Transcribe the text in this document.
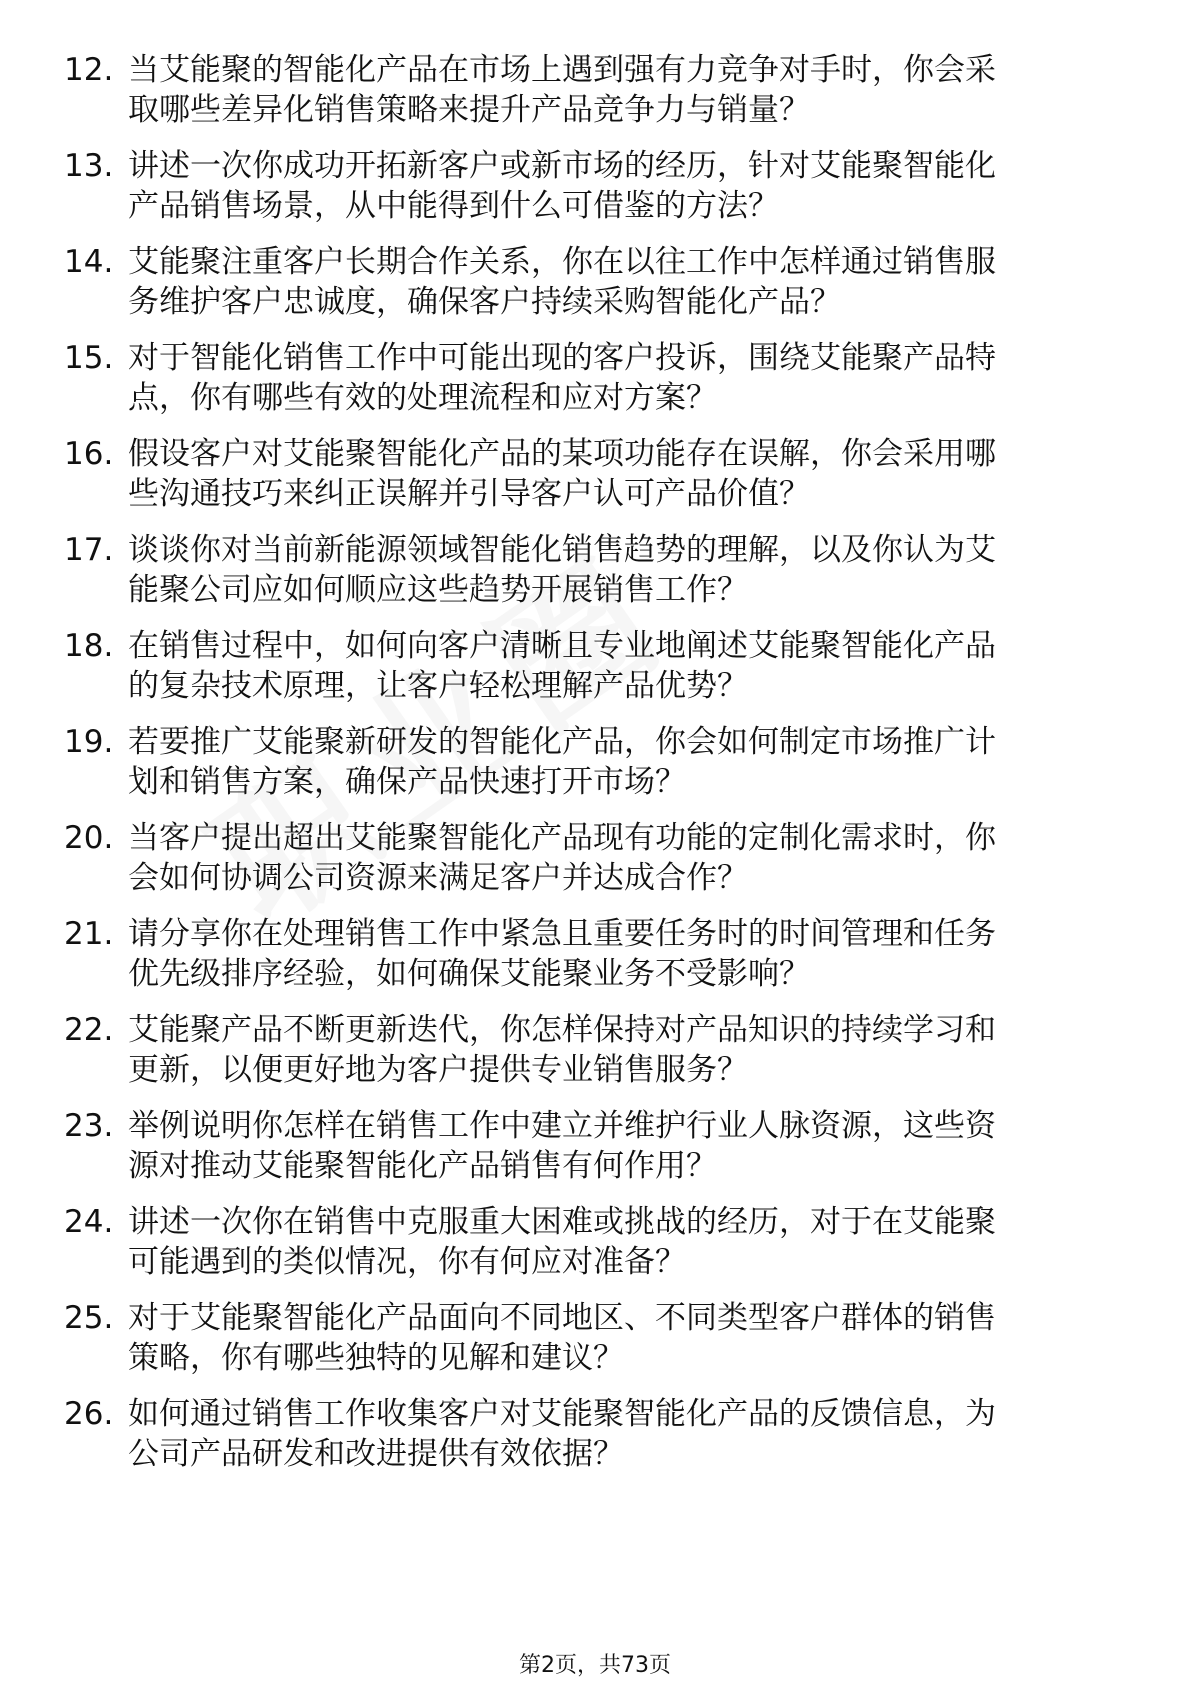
12. 当艾能聚的智能化产品在市场上遇到强有力竞争对手时，你会采
取哪些差异化销售策略来提升产品竞争力与销量？
13. 讲述一次你成功开拓新客户或新市场的经历，针对艾能聚智能化
产品销售场景，从中能得到什么可借鉴的方法？
14. 艾能聚注重客户长期合作关系，你在以往工作中怎样通过销售服
务维护客户忠诚度，确保客户持续采购智能化产品？
15. 对于智能化销售工作中可能出现的客户投诉，围绕艾能聚产品特
点，你有哪些有效的处理流程和应对方案？
16. 假设客户对艾能聚智能化产品的某项功能存在误解，你会采用哪
些沟通技巧来纠正误解并引导客户认可产品价值？
17. 谈谈你对当前新能源领域智能化销售趋势的理解，以及你认为艾
能聚公司应如何顺应这些趋势开展销售工作？
18. 在销售过程中，如何向客户清晰且专业地阐述艾能聚智能化产品
的复杂技术原理，让客户轻松理解产品优势？
19. 若要推广艾能聚新研发的智能化产品，你会如何制定市场推广计
划和销售方案，确保产品快速打开市场？
20. 当客户提出超出艾能聚智能化产品现有功能的定制化需求时，你
会如何协调公司资源来满足客户并达成合作？
21. 请分享你在处理销售工作中紧急且重要任务时的时间管理和任务
优先级排序经验，如何确保艾能聚业务不受影响？
22. 艾能聚产品不断更新迭代，你怎样保持对产品知识的持续学习和
更新，以便更好地为客户提供专业销售服务？
23. 举例说明你怎样在销售工作中建立并维护行业人脉资源，这些资
源对推动艾能聚智能化产品销售有何作用？
24. 讲述一次你在销售中克服重大困难或挑战的经历，对于在艾能聚
可能遇到的类似情况，你有何应对准备？
25. 对于艾能聚智能化产品面向不同地区、不同类型客户群体的销售
策略，你有哪些独特的见解和建议？
26. 如何通过销售工作收集客户对艾能聚智能化产品的反馈信息，为
公司产品研发和改进提供有效依据？
第2页，共73页
